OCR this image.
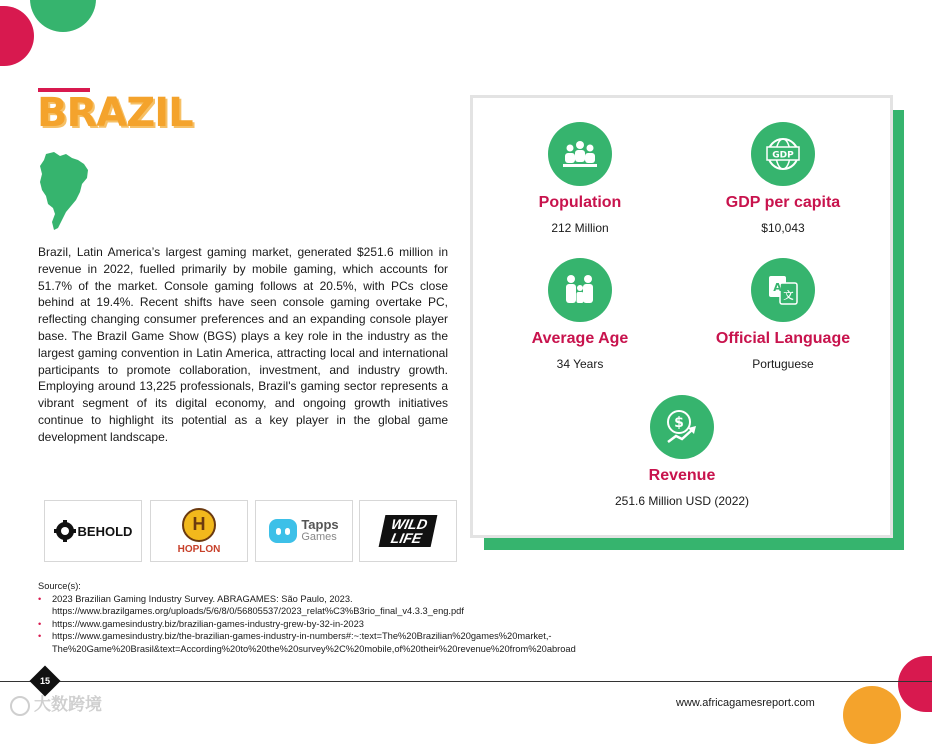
BRAZIL
Brazil, Latin America’s largest gaming market, generated $251.6 million in revenue in 2022, fuelled primarily by mobile gaming, which accounts for 51.7% of the market. Console gaming follows at 20.5%, with PCs close behind at 19.4%. Recent shifts have seen console gaming overtake PC, reflecting changing consumer preferences and an expanding console player base. The Brazil Game Show (BGS) plays a key role in the industry as the largest gaming convention in Latin America, attracting local and international participants to promote collaboration, investment, and industry growth. Employing around 13,225 professionals, Brazil's gaming sector represents a vibrant segment of its digital economy, and ongoing growth initiatives continue to highlight its potential as a key player in the global game development landscape.
BEHOLD	H
HOPLON
Tapps
Games
WILD
LIFE
Population
212 Million
GDP
GDP per capita
$10,043
Average Age
34 Years
A
文
Official Language
Portuguese
$
Revenue
251.6 Million USD (2022)
Source(s):
• 2023 Brazilian Gaming Industry Survey. ABRAGAMES: São Paulo, 2023.
https://www.brazilgames.org/uploads/5/6/8/0/56805537/2023_relat%C3%B3rio_final_v4.3.3_eng.pdf
• https://www.gamesindustry.biz/brazilian-games-industry-grew-by-32-in-2023
• https://www.gamesindustry.biz/the-brazilian-games-industry-in-numbers#:~:text=The%20Brazilian%20games%20market,-
The%20Game%20Brasil&text=According%20to%20the%20survey%2C%20mobile,of%20their%20revenue%20from%20abroad
15
大数跨境	www.africagamesreport.com
